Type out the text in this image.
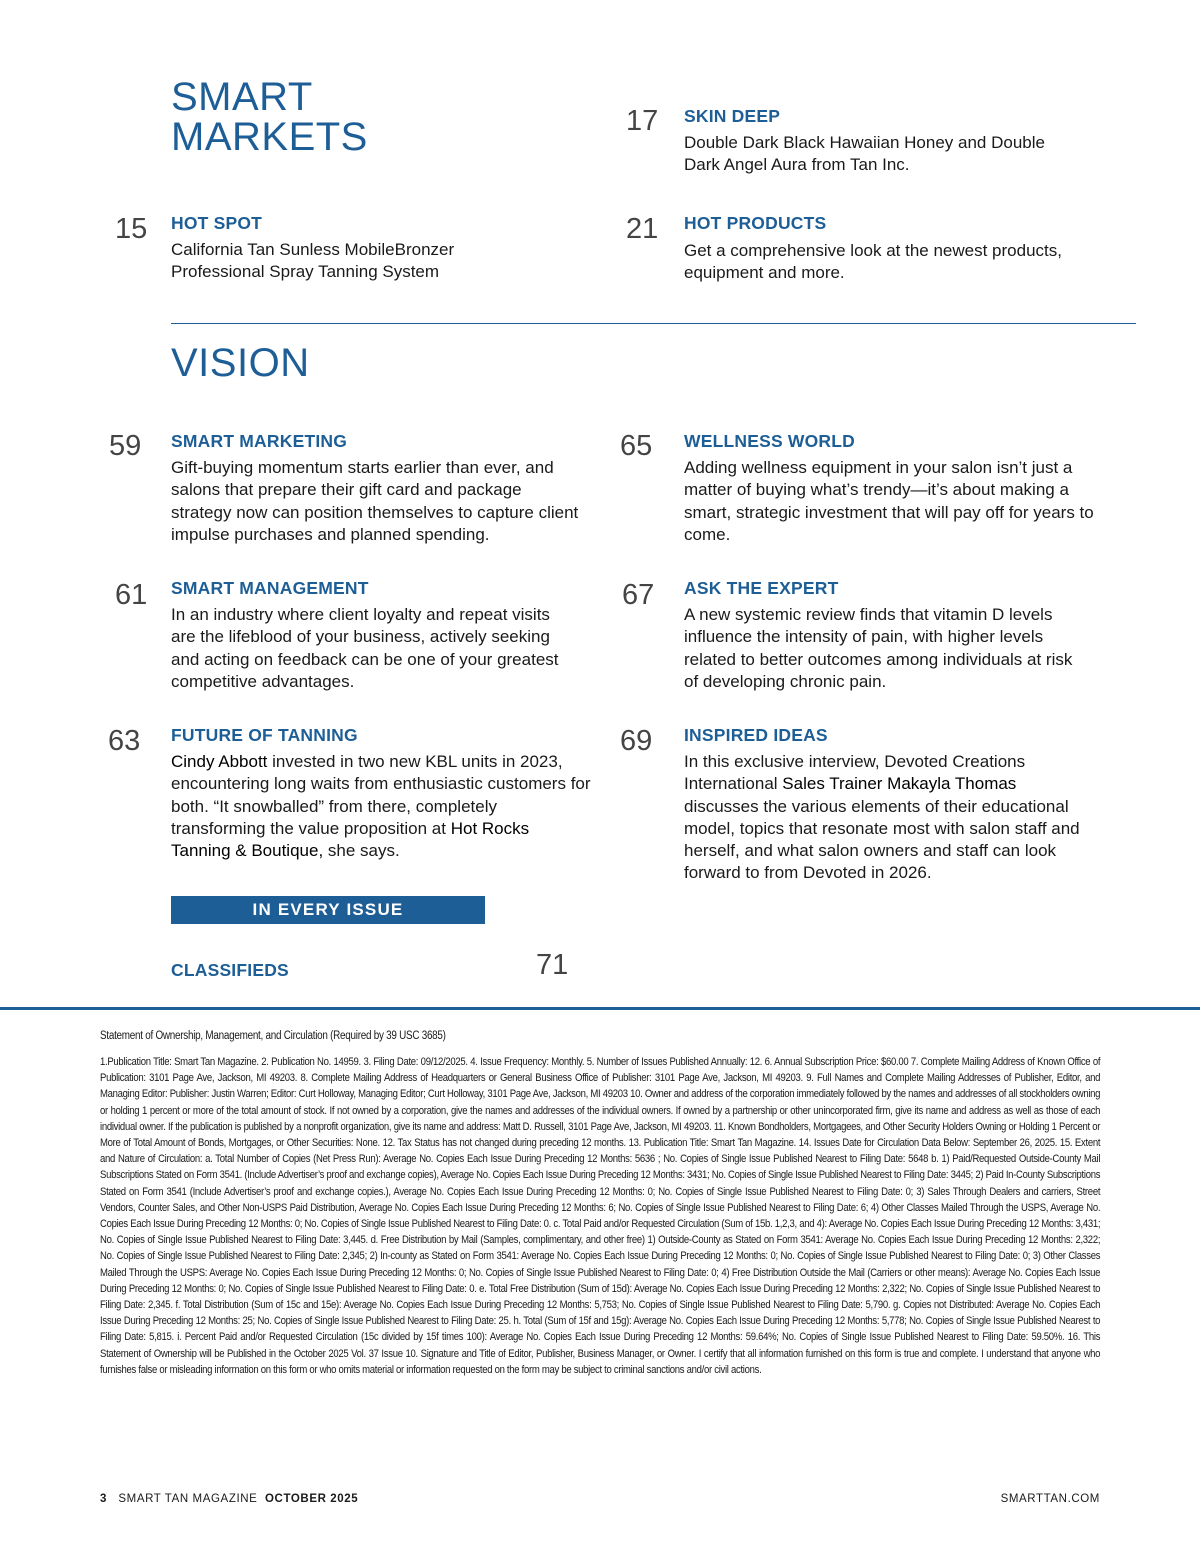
SMART
MARKETS	17 SKIN DEEP
Double Dark Black Hawaiian Honey and Double Dark Angel Aura from Tan Inc.
15 HOT SPOT
California Tan Sunless MobileBronzer Professional Spray Tanning System
21 HOT PRODUCTS
Get a comprehensive look at the newest products, equipment and more.
VISION
59 SMART MARKETING
Gift-buying momentum starts earlier than ever, and salons that prepare their gift card and package strategy now can position themselves to capture client impulse purchases and planned spending.
65 WELLNESS WORLD
Adding wellness equipment in your salon isn’t just a matter of buying what’s trendy—it’s about making a smart, strategic investment that will pay off for years to come.
61 SMART MANAGEMENT
In an industry where client loyalty and repeat visits are the lifeblood of your business, actively seeking and acting on feedback can be one of your greatest competitive advantages.
67 ASK THE EXPERT
A new systemic review finds that vitamin D levels influence the intensity of pain, with higher levels related to better outcomes among individuals at risk of developing chronic pain.
63 FUTURE OF TANNING
Cindy Abbott invested in two new KBL units in 2023, encountering long waits from enthusiastic customers for both. “It snowballed” from there, completely transforming the value proposition at Hot Rocks Tanning & Boutique, she says.
69 INSPIRED IDEAS
In this exclusive interview, Devoted Creations International Sales Trainer Makayla Thomas discusses the various elements of their educational model, topics that resonate most with salon staff and herself, and what salon owners and staff can look forward to from Devoted in 2026.
IN EVERY ISSUE
CLASSIFIEDS	71
Statement of Ownership, Management, and Circulation (Required by 39 USC 3685)
1.Publication Title: Smart Tan Magazine. 2. Publication No. 14959. 3. Filing Date: 09/12/2025. 4. Issue Frequency: Monthly. 5. Number of Issues Published Annually: 12. 6. Annual Subscription Price: $60.00 7. Complete Mailing Address of Known Office of Publication: 3101 Page Ave, Jackson, MI 49203. 8. Complete Mailing Address of Headquarters or General Business Office of Publisher: 3101 Page Ave, Jackson, MI 49203. 9. Full Names and Complete Mailing Addresses of Publisher, Editor, and Managing Editor: Publisher: Justin Warren; Editor: Curt Holloway, Managing Editor; Curt Holloway, 3101 Page Ave, Jackson, MI 49203 10. Owner and address of the corporation immediately followed by the names and addresses of all stockholders owning or holding 1 percent or more of the total amount of stock. If not owned by a corporation, give the names and addresses of the individual owners. If owned by a partnership or other unincorporated firm, give its name and address as well as those of each individual owner. If the publication is published by a nonprofit organization, give its name and address: Matt D. Russell, 3101 Page Ave, Jackson, MI 49203. 11. Known Bondholders, Mortgagees, and Other Security Holders Owning or Holding 1 Percent or More of Total Amount of Bonds, Mortgages, or Other Securities: None. 12. Tax Status has not changed during preceding 12 months. 13. Publication Title: Smart Tan Magazine. 14. Issues Date for Circulation Data Below: September 26, 2025. 15. Extent and Nature of Circulation: a. Total Number of Copies (Net Press Run): Average No. Copies Each Issue During Preceding 12 Months: 5636 ; No. Copies of Single Issue Published Nearest to Filing Date: 5648 b. 1) Paid/Requested Outside-County Mail Subscriptions Stated on Form 3541. (Include Advertiser’s proof and exchange copies), Average No. Copies Each Issue During Preceding 12 Months: 3431; No. Copies of Single Issue Published Nearest to Filing Date: 3445; 2) Paid In-County Subscriptions Stated on Form 3541 (Include Advertiser’s proof and exchange copies.), Average No. Copies Each Issue During Preceding 12 Months: 0; No. Copies of Single Issue Published Nearest to Filing Date: 0; 3) Sales Through Dealers and carriers, Street Vendors, Counter Sales, and Other Non-USPS Paid Distribution, Average No. Copies Each Issue During Preceding 12 Months: 6; No. Copies of Single Issue Published Nearest to Filing Date: 6; 4) Other Classes Mailed Through the USPS, Average No. Copies Each Issue During Preceding 12 Months: 0; No. Copies of Single Issue Published Nearest to Filing Date: 0. c. Total Paid and/or Requested Circulation (Sum of 15b. 1,2,3, and 4): Average No. Copies Each Issue During Preceding 12 Months: 3,431; No. Copies of Single Issue Published Nearest to Filing Date: 3,445. d. Free Distribution by Mail (Samples, complimentary, and other free) 1) Outside-County as Stated on Form 3541: Average No. Copies Each Issue During Preceding 12 Months: 2,322; No. Copies of Single Issue Published Nearest to Filing Date: 2,345; 2) In-county as Stated on Form 3541: Average No. Copies Each Issue During Preceding 12 Months: 0; No. Copies of Single Issue Published Nearest to Filing Date: 0; 3) Other Classes Mailed Through the USPS: Average No. Copies Each Issue During Preceding 12 Months: 0; No. Copies of Single Issue Published Nearest to Filing Date: 0; 4) Free Distribution Outside the Mail (Carriers or other means): Average No. Copies Each Issue During Preceding 12 Months: 0; No. Copies of Single Issue Published Nearest to Filing Date: 0. e. Total Free Distribution (Sum of 15d): Average No. Copies Each Issue During Preceding 12 Months: 2,322; No. Copies of Single Issue Published Nearest to Filing Date: 2,345. f. Total Distribution (Sum of 15c and 15e): Average No. Copies Each Issue During Preceding 12 Months: 5,753; No. Copies of Single Issue Published Nearest to Filing Date: 5,790. g. Copies not Distributed: Average No. Copies Each Issue During Preceding 12 Months: 25; No. Copies of Single Issue Published Nearest to Filing Date: 25. h. Total (Sum of 15f and 15g): Average No. Copies Each Issue During Preceding 12 Months: 5,778; No. Copies of Single Issue Published Nearest to Filing Date: 5,815. i. Percent Paid and/or Requested Circulation (15c divided by 15f times 100): Average No. Copies Each Issue During Preceding 12 Months: 59.64%; No. Copies of Single Issue Published Nearest to Filing Date: 59.50%. 16. This Statement of Ownership will be Published in the October 2025 Vol. 37 Issue 10. Signature and Title of Editor, Publisher, Business Manager, or Owner. I certify that all information furnished on this form is true and complete. I understand that anyone who furnishes false or misleading information on this form or who omits material or information requested on the form may be subject to criminal sanctions and/or civil actions.
3 SMART TAN MAGAZINE OCTOBER 2025	SMARTTAN.COM
